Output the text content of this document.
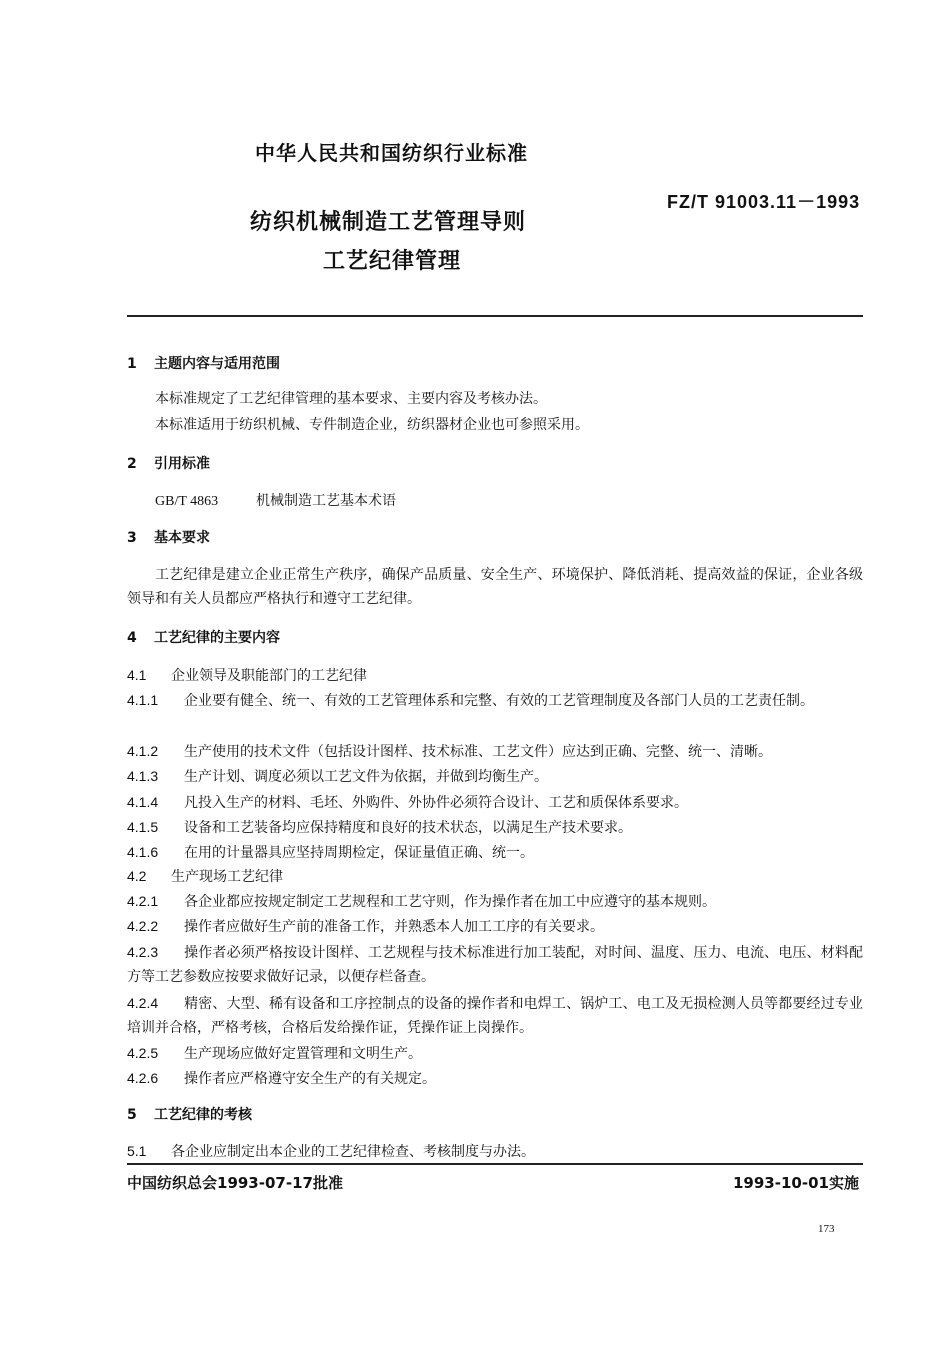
中华人民共和国纺织行业标准
FZ/T 91003.11－1993
纺织机械制造工艺管理导则
工艺纪律管理
1 主题内容与适用范围
本标准规定了工艺纪律管理的基本要求、主要内容及考核办法。
本标准适用于纺织机械、专件制造企业，纺织器材企业也可参照采用。
2 引用标准
GB/T 4863	机械制造工艺基本术语
3 基本要求
工艺纪律是建立企业正常生产秩序，确保产品质量、安全生产、环境保护、降低消耗、提高效益的保证，企业各级领导和有关人员都应严格执行和遵守工艺纪律。
4 工艺纪律的主要内容
4.1 企业领导及职能部门的工艺纪律
4.1.1 企业要有健全、统一、有效的工艺管理体系和完整、有效的工艺管理制度及各部门人员的工艺责任制。
4.1.2 生产使用的技术文件（包括设计图样、技术标准、工艺文件）应达到正确、完整、统一、清晰。
4.1.3 生产计划、调度必须以工艺文件为依据，并做到均衡生产。
4.1.4 凡投入生产的材料、毛坯、外购件、外协件必须符合设计、工艺和质保体系要求。
4.1.5 设备和工艺装备均应保持精度和良好的技术状态，以满足生产技术要求。
4.1.6 在用的计量器具应坚持周期检定，保证量值正确、统一。
4.2 生产现场工艺纪律
4.2.1 各企业都应按规定制定工艺规程和工艺守则，作为操作者在加工中应遵守的基本规则。
4.2.2 操作者应做好生产前的准备工作，并熟悉本人加工工序的有关要求。
4.2.3 操作者必须严格按设计图样、工艺规程与技术标准进行加工装配，对时间、温度、压力、电流、电压、材料配方等工艺参数应按要求做好记录，以便存栏备查。
4.2.4 精密、大型、稀有设备和工序控制点的设备的操作者和电焊工、锅炉工、电工及无损检测人员等都要经过专业培训并合格，严格考核，合格后发给操作证，凭操作证上岗操作。
4.2.5 生产现场应做好定置管理和文明生产。
4.2.6 操作者应严格遵守安全生产的有关规定。
5 工艺纪律的考核
5.1 各企业应制定出本企业的工艺纪律检查、考核制度与办法。
中国纺织总会1993-07-17批准	1993-10-01实施
173
